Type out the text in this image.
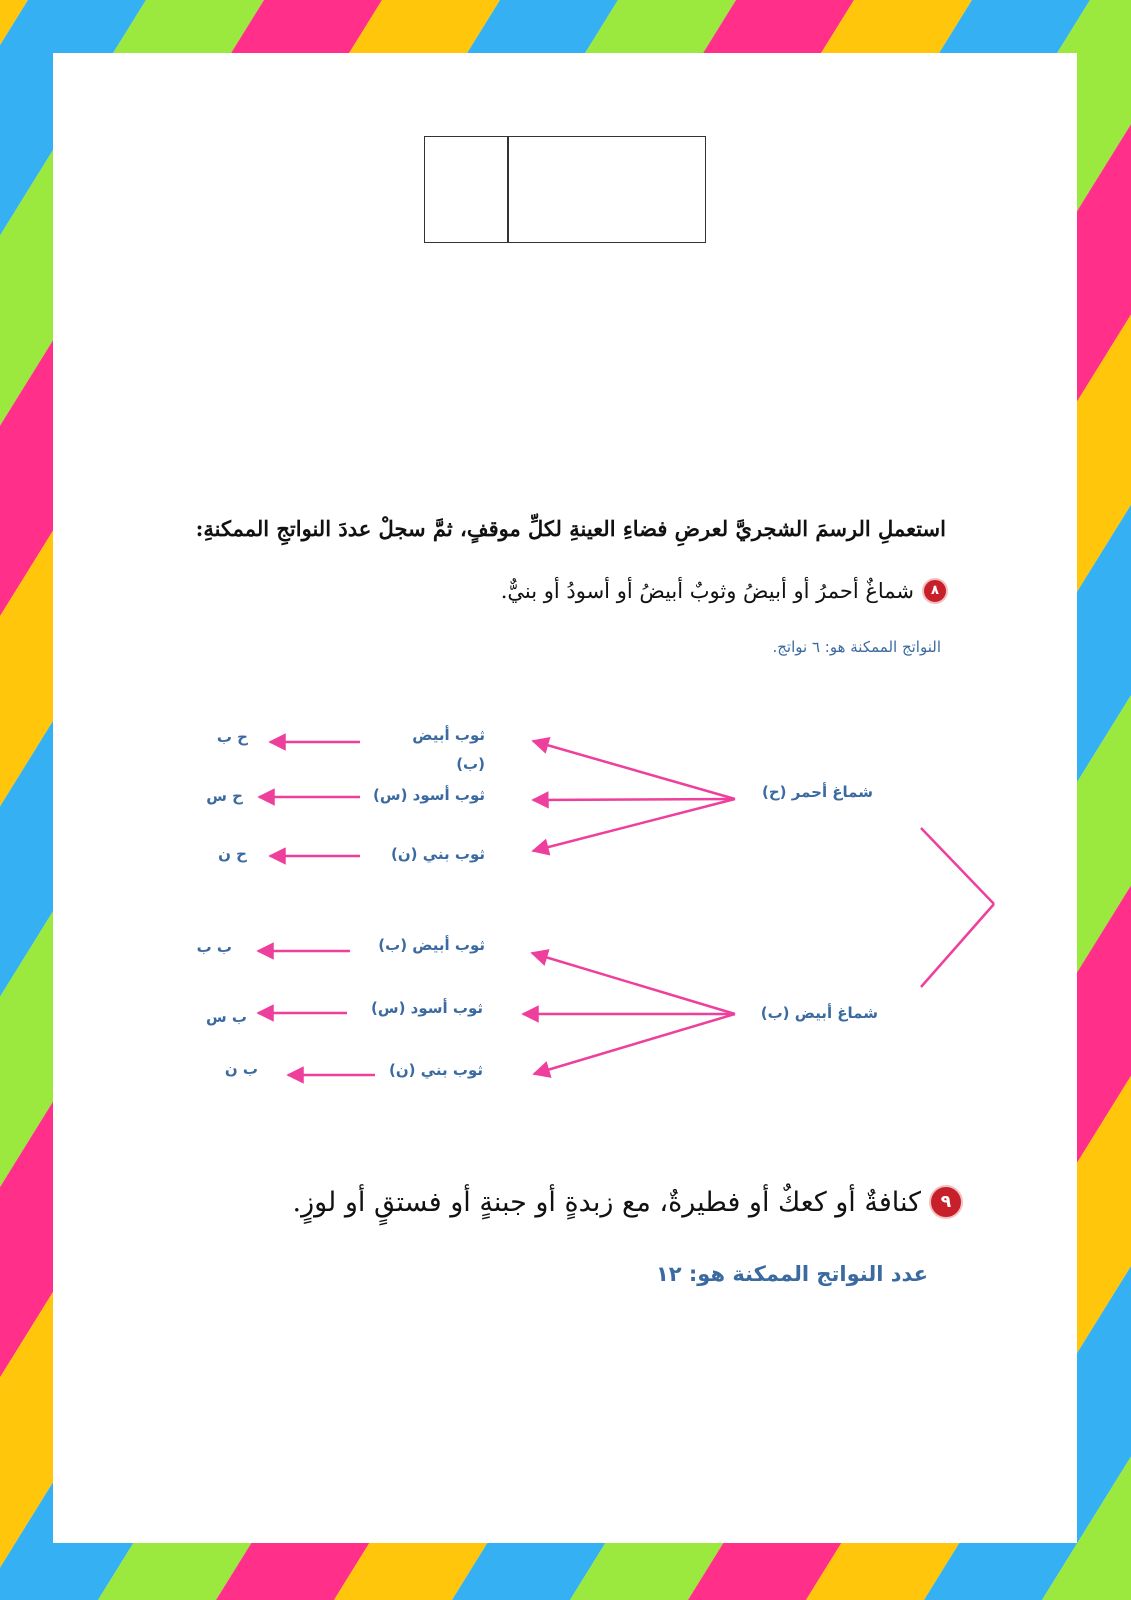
استعملِ الرسمَ الشجريَّ لعرضِ فضاءِ العينةِ لكلِّ موقفٍ، ثمَّ سجلْ عددَ النواتجِ الممكنةِ:
٨
شماغٌ أحمرُ أو أبيضُ وثوبٌ أبيضُ أو أسودُ أو بنيٌّ.
النواتج الممكنة هو: ٦ نواتج.
شماغ أحمر (ح)
شماغ أبيض (ب)
ثوب أبيض
(ب)
ثوب أسود (س)
ثوب بني (ن)
ثوب أبيض (ب)
ثوب أسود (س)
ثوب بني (ن)
ح ب
ح س
ح ن
ب ب
ب س
ب ن
٩
كنافةٌ أو كعكٌ أو فطيرةٌ، مع زبدةٍ أو جبنةٍ أو فستقٍ أو لوزٍ.
عدد النواتج الممكنة هو: ١٢
